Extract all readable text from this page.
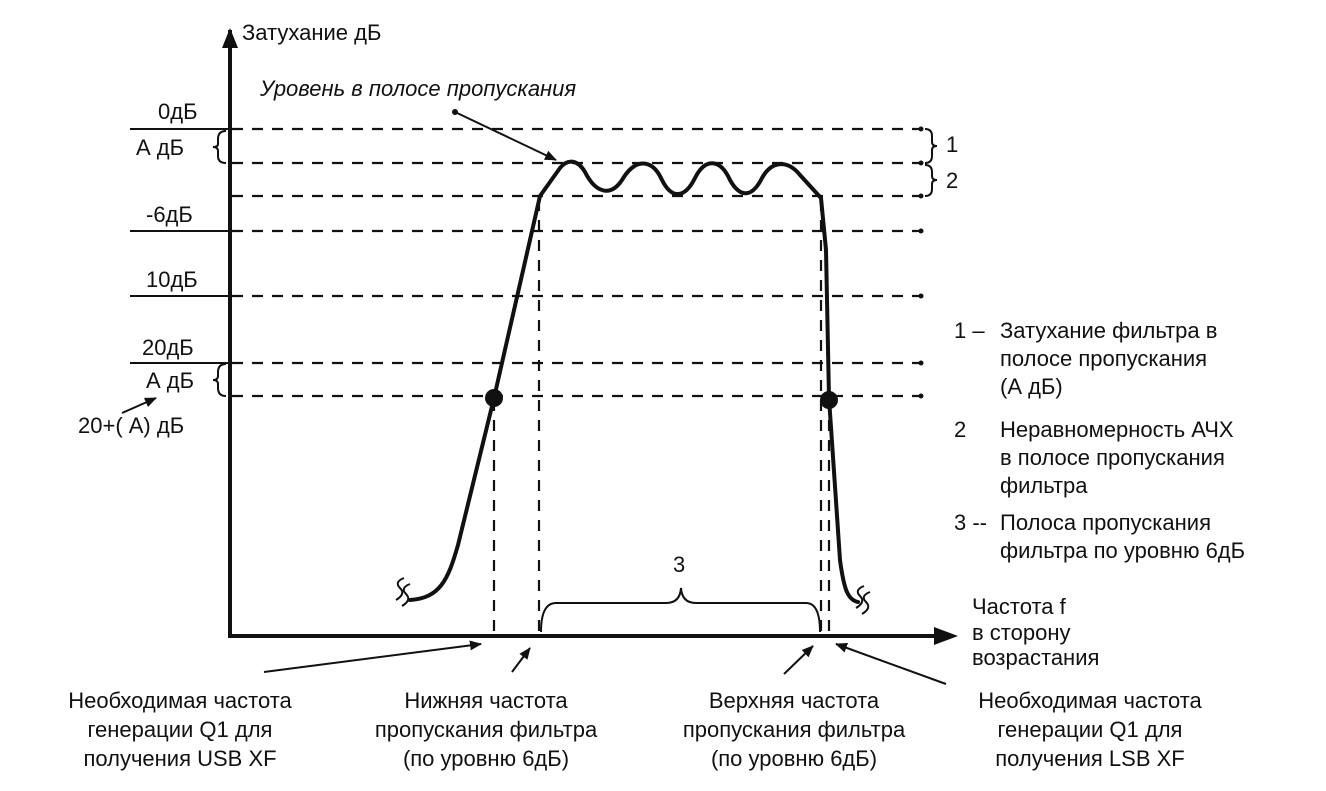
Затухание дБ
Частота f
в сторону
возрастания
0дБ
А дБ
-6дБ
10дБ
20дБ
А дБ
20+( А) дБ
Уровень в полосе пропускания
1
2
3
1 – Затухание фильтра в
полосе пропускания
(А дБ)
2 Неравномерность АЧХ
в полосе пропускания
фильтра
3 -- Полоса пропускания
фильтра по уровню 6дБ
Необходимая частота
генерации Q1 для
получения USB XF
Нижняя частота
пропускания фильтра
(по уровню 6дБ)
Верхняя частота
пропускания фильтра
(по уровню 6дБ)
Необходимая частота
генерации Q1 для
получения LSB XF
